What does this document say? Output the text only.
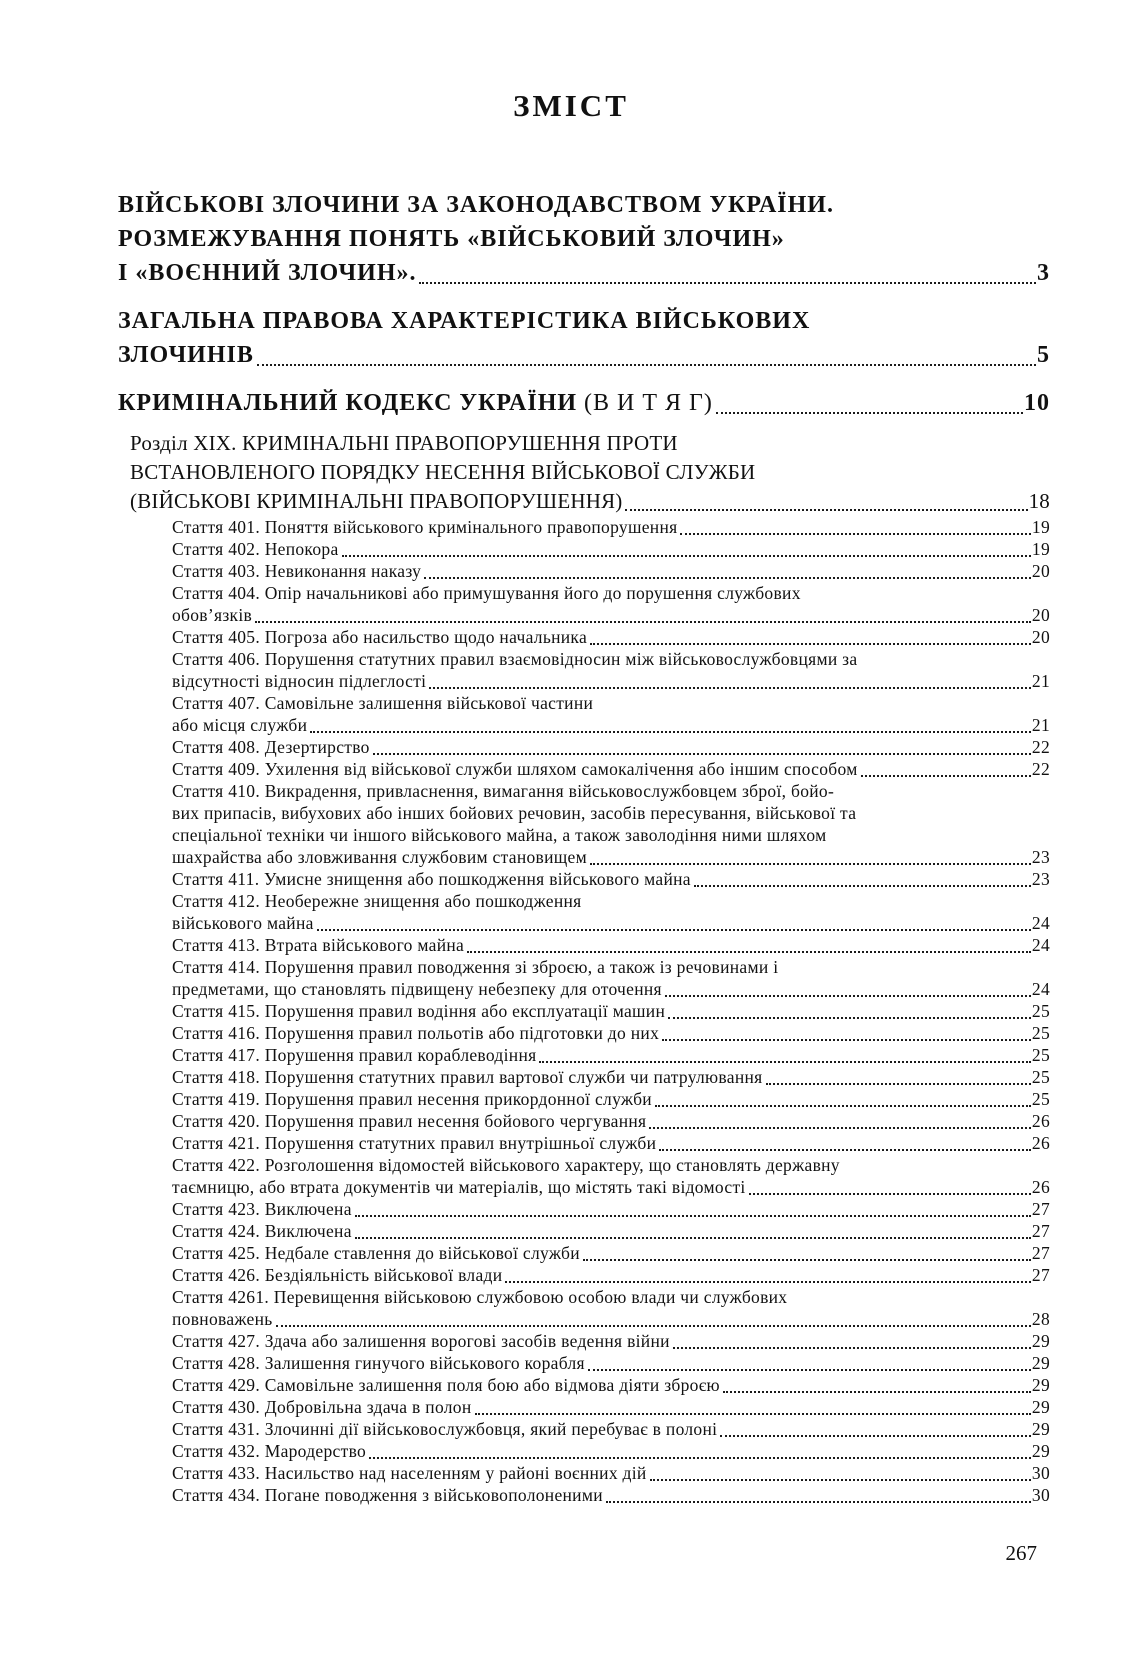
ЗМІСТ
ВІЙСЬКОВІ ЗЛОЧИНИ ЗА ЗАКОНОДАВСТВОМ УКРАЇНИ.
РОЗМЕЖУВАННЯ ПОНЯТЬ «ВІЙСЬКОВИЙ ЗЛОЧИН»
І «ВОЄННИЙ ЗЛОЧИН».	3
ЗАГАЛЬНА ПРАВОВА ХАРАКТЕРІСТИКА ВІЙСЬКОВИХ
ЗЛОЧИНІВ	5
КРИМІНАЛЬНИЙ КОДЕКС УКРАЇНИ (В И Т Я Г)	10
Розділ XIX. КРИМІНАЛЬНІ ПРАВОПОРУШЕННЯ ПРОТИ
ВСТАНОВЛЕНОГО ПОРЯДКУ НЕСЕННЯ ВІЙСЬКОВОЇ СЛУЖБИ
(ВІЙСЬКОВІ КРИМІНАЛЬНІ ПРАВОПОРУШЕННЯ)	18
Стаття 401. Поняття військового кримінального правопорушення	19
Стаття 402. Непокора	19
Стаття 403. Невиконання наказу	20
Стаття 404. Опір начальникові або примушування його до порушення службових
обов’язків	20
Стаття 405. Погроза або насильство щодо начальника	20
Стаття 406. Порушення статутних правил взаємовідносин між військовослужбовцями за
відсутності відносин підлеглості	21
Стаття 407. Самовільне залишення військової частини
або місця служби	21
Стаття 408. Дезертирство	22
Стаття 409. Ухилення від військової служби шляхом самокалічення або іншим способом	22
Стаття 410. Викрадення, привласнення, вимагання військовослужбовцем зброї, бойо-
вих припасів, вибухових або інших бойових речовин, засобів пересування, військової та
спеціальної техніки чи іншого військового майна, а також заволодіння ними шляхом
шахрайства або зловживання службовим становищем	23
Стаття 411. Умисне знищення або пошкодження військового майна	23
Стаття 412. Необережне знищення або пошкодження
військового майна	24
Стаття 413. Втрата військового майна	24
Стаття 414. Порушення правил поводження зі зброєю, а також із речовинами і
предметами, що становлять підвищену небезпеку для оточення	24
Стаття 415. Порушення правил водіння або експлуатації машин	25
Стаття 416. Порушення правил польотів або підготовки до них	25
Стаття 417. Порушення правил кораблеводіння	25
Стаття 418. Порушення статутних правил вартової служби чи патрулювання	25
Стаття 419. Порушення правил несення прикордонної служби	25
Стаття 420. Порушення правил несення бойового чергування	26
Стаття 421. Порушення статутних правил внутрішньої служби	26
Стаття 422. Розголошення відомостей військового характеру, що становлять державну
таємницю, або втрата документів чи матеріалів, що містять такі відомості	26
Стаття 423. Виключена	27
Стаття 424. Виключена	27
Стаття 425. Недбале ставлення до військової служби	27
Стаття 426. Бездіяльність військової влади	27
Стаття 4261. Перевищення військовою службовою особою влади чи службових
повноважень	28
Стаття 427. Здача або залишення ворогові засобів ведення війни	29
Стаття 428. Залишення гинучого військового корабля	29
Стаття 429. Самовільне залишення поля бою або відмова діяти зброєю	29
Стаття 430. Добровільна здача в полон	29
Стаття 431. Злочинні дії військовослужбовця, який перебуває в полоні	29
Стаття 432. Мародерство	29
Стаття 433. Насильство над населенням у районі воєнних дій	30
Стаття 434. Погане поводження з військовополоненими	30
267
